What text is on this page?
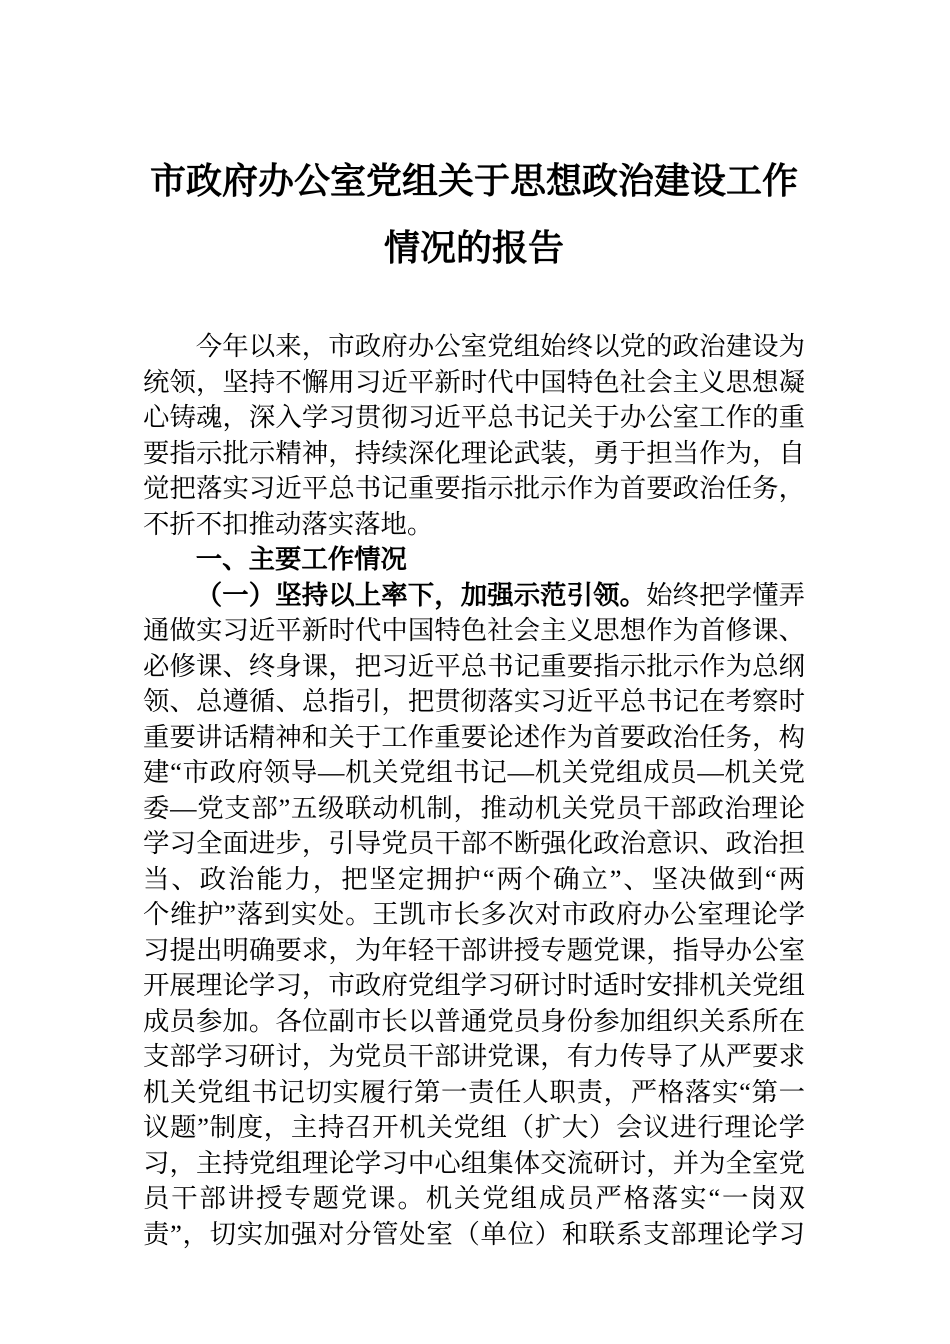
市政府办公室党组关于思想政治建设工作
情况的报告
今年以来，市政府办公室党组始终以党的政治建设为
统领，坚持不懈用习近平新时代中国特色社会主义思想凝
心铸魂，深入学习贯彻习近平总书记关于办公室工作的重
要指示批示精神，持续深化理论武装，勇于担当作为，自
觉把落实习近平总书记重要指示批示作为首要政治任务，
不折不扣推动落实落地。
一、主要工作情况
（一）坚持以上率下，加强示范引领。始终把学懂弄
通做实习近平新时代中国特色社会主义思想作为首修课、
必修课、终身课，把习近平总书记重要指示批示作为总纲
领、总遵循、总指引，把贯彻落实习近平总书记在考察时
重要讲话精神和关于工作重要论述作为首要政治任务，构
建“市政府领导—机关党组书记—机关党组成员—机关党
委—党支部”五级联动机制，推动机关党员干部政治理论
学习全面进步，引导党员干部不断强化政治意识、政治担
当、政治能力，把坚定拥护“两个确立”、坚决做到“两
个维护”落到实处。王凯市长多次对市政府办公室理论学
习提出明确要求，为年轻干部讲授专题党课，指导办公室
开展理论学习，市政府党组学习研讨时适时安排机关党组
成员参加。各位副市长以普通党员身份参加组织关系所在
支部学习研讨，为党员干部讲党课，有力传导了从严要求
机关党组书记切实履行第一责任人职责，严格落实“第一
议题”制度，主持召开机关党组（扩大）会议进行理论学
习，主持党组理论学习中心组集体交流研讨，并为全室党
员干部讲授专题党课。机关党组成员严格落实“一岗双
责”，切实加强对分管处室（单位）和联系支部理论学习
